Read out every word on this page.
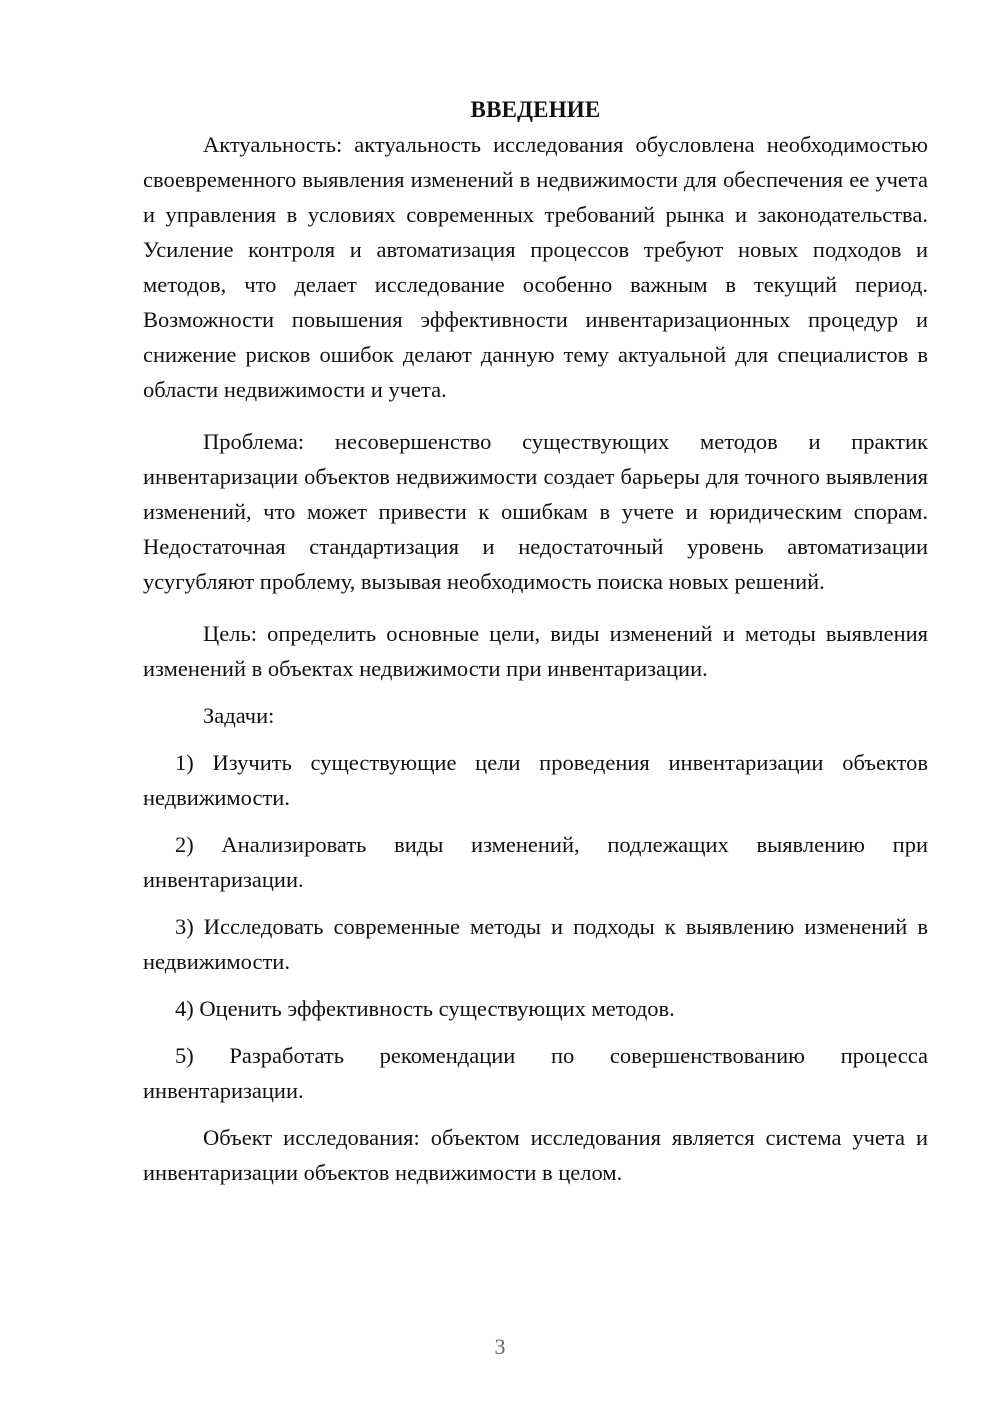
ВВЕДЕНИЕ

Актуальность: актуальность исследования обусловлена необходимостью своевременного выявления изменений в недвижимости для обеспечения ее учета и управления в условиях современных требований рынка и законодательства. Усиление контроля и автоматизация процессов требуют новых подходов и методов, что делает исследование особенно важным в текущий период. Возможности повышения эффективности инвентаризационных процедур и снижение рисков ошибок делают данную тему актуальной для специалистов в области недвижимости и учета.

Проблема: несовершенство существующих методов и практик инвентаризации объектов недвижимости создает барьеры для точного выявления изменений, что может привести к ошибкам в учете и юридическим спорам. Недостаточная стандартизация и недостаточный уровень автоматизации усугубляют проблему, вызывая необходимость поиска новых решений.

Цель: определить основные цели, виды изменений и методы выявления изменений в объектах недвижимости при инвентаризации.

Задачи:

1) Изучить существующие цели проведения инвентаризации объектов недвижимости.

2) Анализировать виды изменений, подлежащих выявлению при инвентаризации.

3) Исследовать современные методы и подходы к выявлению изменений в недвижимости.

4) Оценить эффективность существующих методов.

5) Разработать рекомендации по совершенствованию процесса инвентаризации.

Объект исследования: объектом исследования является система учета и инвентаризации объектов недвижимости в целом.

3
